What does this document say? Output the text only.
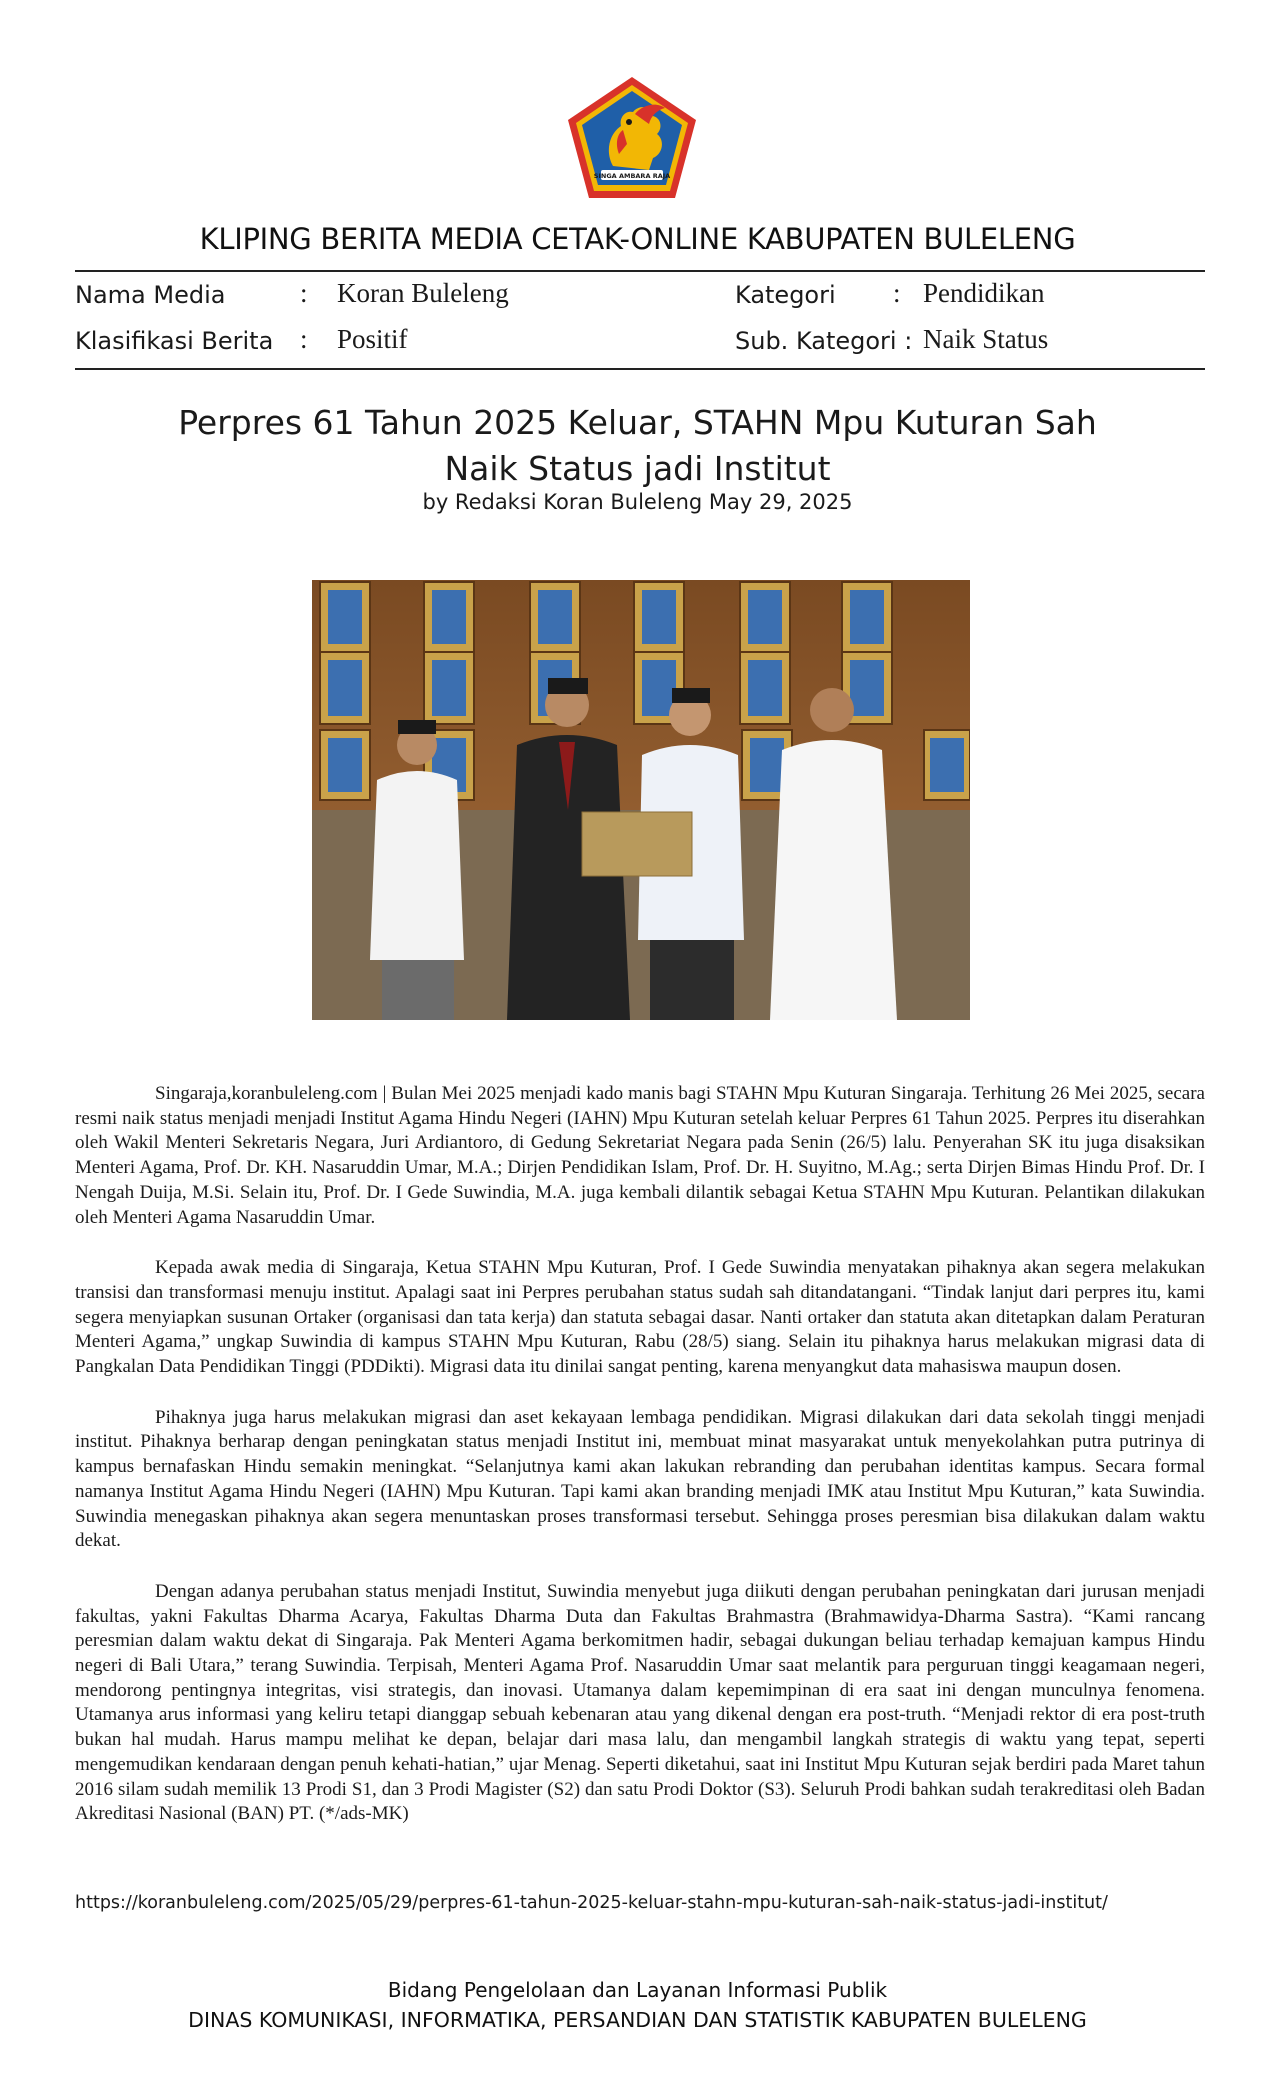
SINGA AMBARA RAJA
KLIPING BERITA MEDIA CETAK-ONLINE KABUPATEN BULELENG
Nama Media	: Koran Buleleng	Kategori : Pendidikan
Klasifikasi Berita : Positif	Sub. Kategori : Naik Status
Perpres 61 Tahun 2025 Keluar, STAHN Mpu Kuturan Sah
Naik Status jadi Institut
by Redaksi Koran Buleleng May 29, 2025

Singaraja,koranbuleleng.com | Bulan Mei 2025 menjadi kado manis bagi STAHN Mpu Kuturan Singaraja. Terhitung 26 Mei 2025, secara resmi naik status menjadi menjadi Institut Agama Hindu Negeri (IAHN) Mpu Kuturan setelah keluar Perpres 61 Tahun 2025. Perpres itu diserahkan oleh Wakil Menteri Sekretaris Negara, Juri Ardiantoro, di Gedung Sekretariat Negara pada Senin (26/5) lalu. Penyerahan SK itu juga disaksikan Menteri Agama, Prof. Dr. KH. Nasaruddin Umar, M.A.; Dirjen Pendidikan Islam, Prof. Dr. H. Suyitno, M.Ag.; serta Dirjen Bimas Hindu Prof. Dr. I Nengah Duija, M.Si. Selain itu, Prof. Dr. I Gede Suwindia, M.A. juga kembali dilantik sebagai Ketua STAHN Mpu Kuturan. Pelantikan dilakukan oleh Menteri Agama Nasaruddin Umar.

Kepada awak media di Singaraja, Ketua STAHN Mpu Kuturan, Prof. I Gede Suwindia menyatakan pihaknya akan segera melakukan transisi dan transformasi menuju institut. Apalagi saat ini Perpres perubahan status sudah sah ditandatangani. “Tindak lanjut dari perpres itu, kami segera menyiapkan susunan Ortaker (organisasi dan tata kerja) dan statuta sebagai dasar. Nanti ortaker dan statuta akan ditetapkan dalam Peraturan Menteri Agama,” ungkap Suwindia di kampus STAHN Mpu Kuturan, Rabu (28/5) siang. Selain itu pihaknya harus melakukan migrasi data di Pangkalan Data Pendidikan Tinggi (PDDikti). Migrasi data itu dinilai sangat penting, karena menyangkut data mahasiswa maupun dosen.

Pihaknya juga harus melakukan migrasi dan aset kekayaan lembaga pendidikan. Migrasi dilakukan dari data sekolah tinggi menjadi institut. Pihaknya berharap dengan peningkatan status menjadi Institut ini, membuat minat masyarakat untuk menyekolahkan putra putrinya di kampus bernafaskan Hindu semakin meningkat. “Selanjutnya kami akan lakukan rebranding dan perubahan identitas kampus. Secara formal namanya Institut Agama Hindu Negeri (IAHN) Mpu Kuturan. Tapi kami akan branding menjadi IMK atau Institut Mpu Kuturan,” kata Suwindia. Suwindia menegaskan pihaknya akan segera menuntaskan proses transformasi tersebut. Sehingga proses peresmian bisa dilakukan dalam waktu dekat.

Dengan adanya perubahan status menjadi Institut, Suwindia menyebut juga diikuti dengan perubahan peningkatan dari jurusan menjadi fakultas, yakni Fakultas Dharma Acarya, Fakultas Dharma Duta dan Fakultas Brahmastra (Brahmawidya-Dharma Sastra). “Kami rancang peresmian dalam waktu dekat di Singaraja. Pak Menteri Agama berkomitmen hadir, sebagai dukungan beliau terhadap kemajuan kampus Hindu negeri di Bali Utara,” terang Suwindia. Terpisah, Menteri Agama Prof. Nasaruddin Umar saat melantik para perguruan tinggi keagamaan negeri, mendorong pentingnya integritas, visi strategis, dan inovasi. Utamanya dalam kepemimpinan di era saat ini dengan munculnya fenomena. Utamanya arus informasi yang keliru tetapi dianggap sebuah kebenaran atau yang dikenal dengan era post-truth. “Menjadi rektor di era post-truth bukan hal mudah. Harus mampu melihat ke depan, belajar dari masa lalu, dan mengambil langkah strategis di waktu yang tepat, seperti mengemudikan kendaraan dengan penuh kehati-hatian,” ujar Menag. Seperti diketahui, saat ini Institut Mpu Kuturan sejak berdiri pada Maret tahun 2016 silam sudah memilik 13 Prodi S1, dan 3 Prodi Magister (S2) dan satu Prodi Doktor (S3). Seluruh Prodi bahkan sudah terakreditasi oleh Badan Akreditasi Nasional (BAN) PT. (*/ads-MK)

https://koranbuleleng.com/2025/05/29/perpres-61-tahun-2025-keluar-stahn-mpu-kuturan-sah-naik-status-jadi-institut/
Bidang Pengelolaan dan Layanan Informasi Publik
DINAS KOMUNIKASI, INFORMATIKA, PERSANDIAN DAN STATISTIK KABUPATEN BULELENG
